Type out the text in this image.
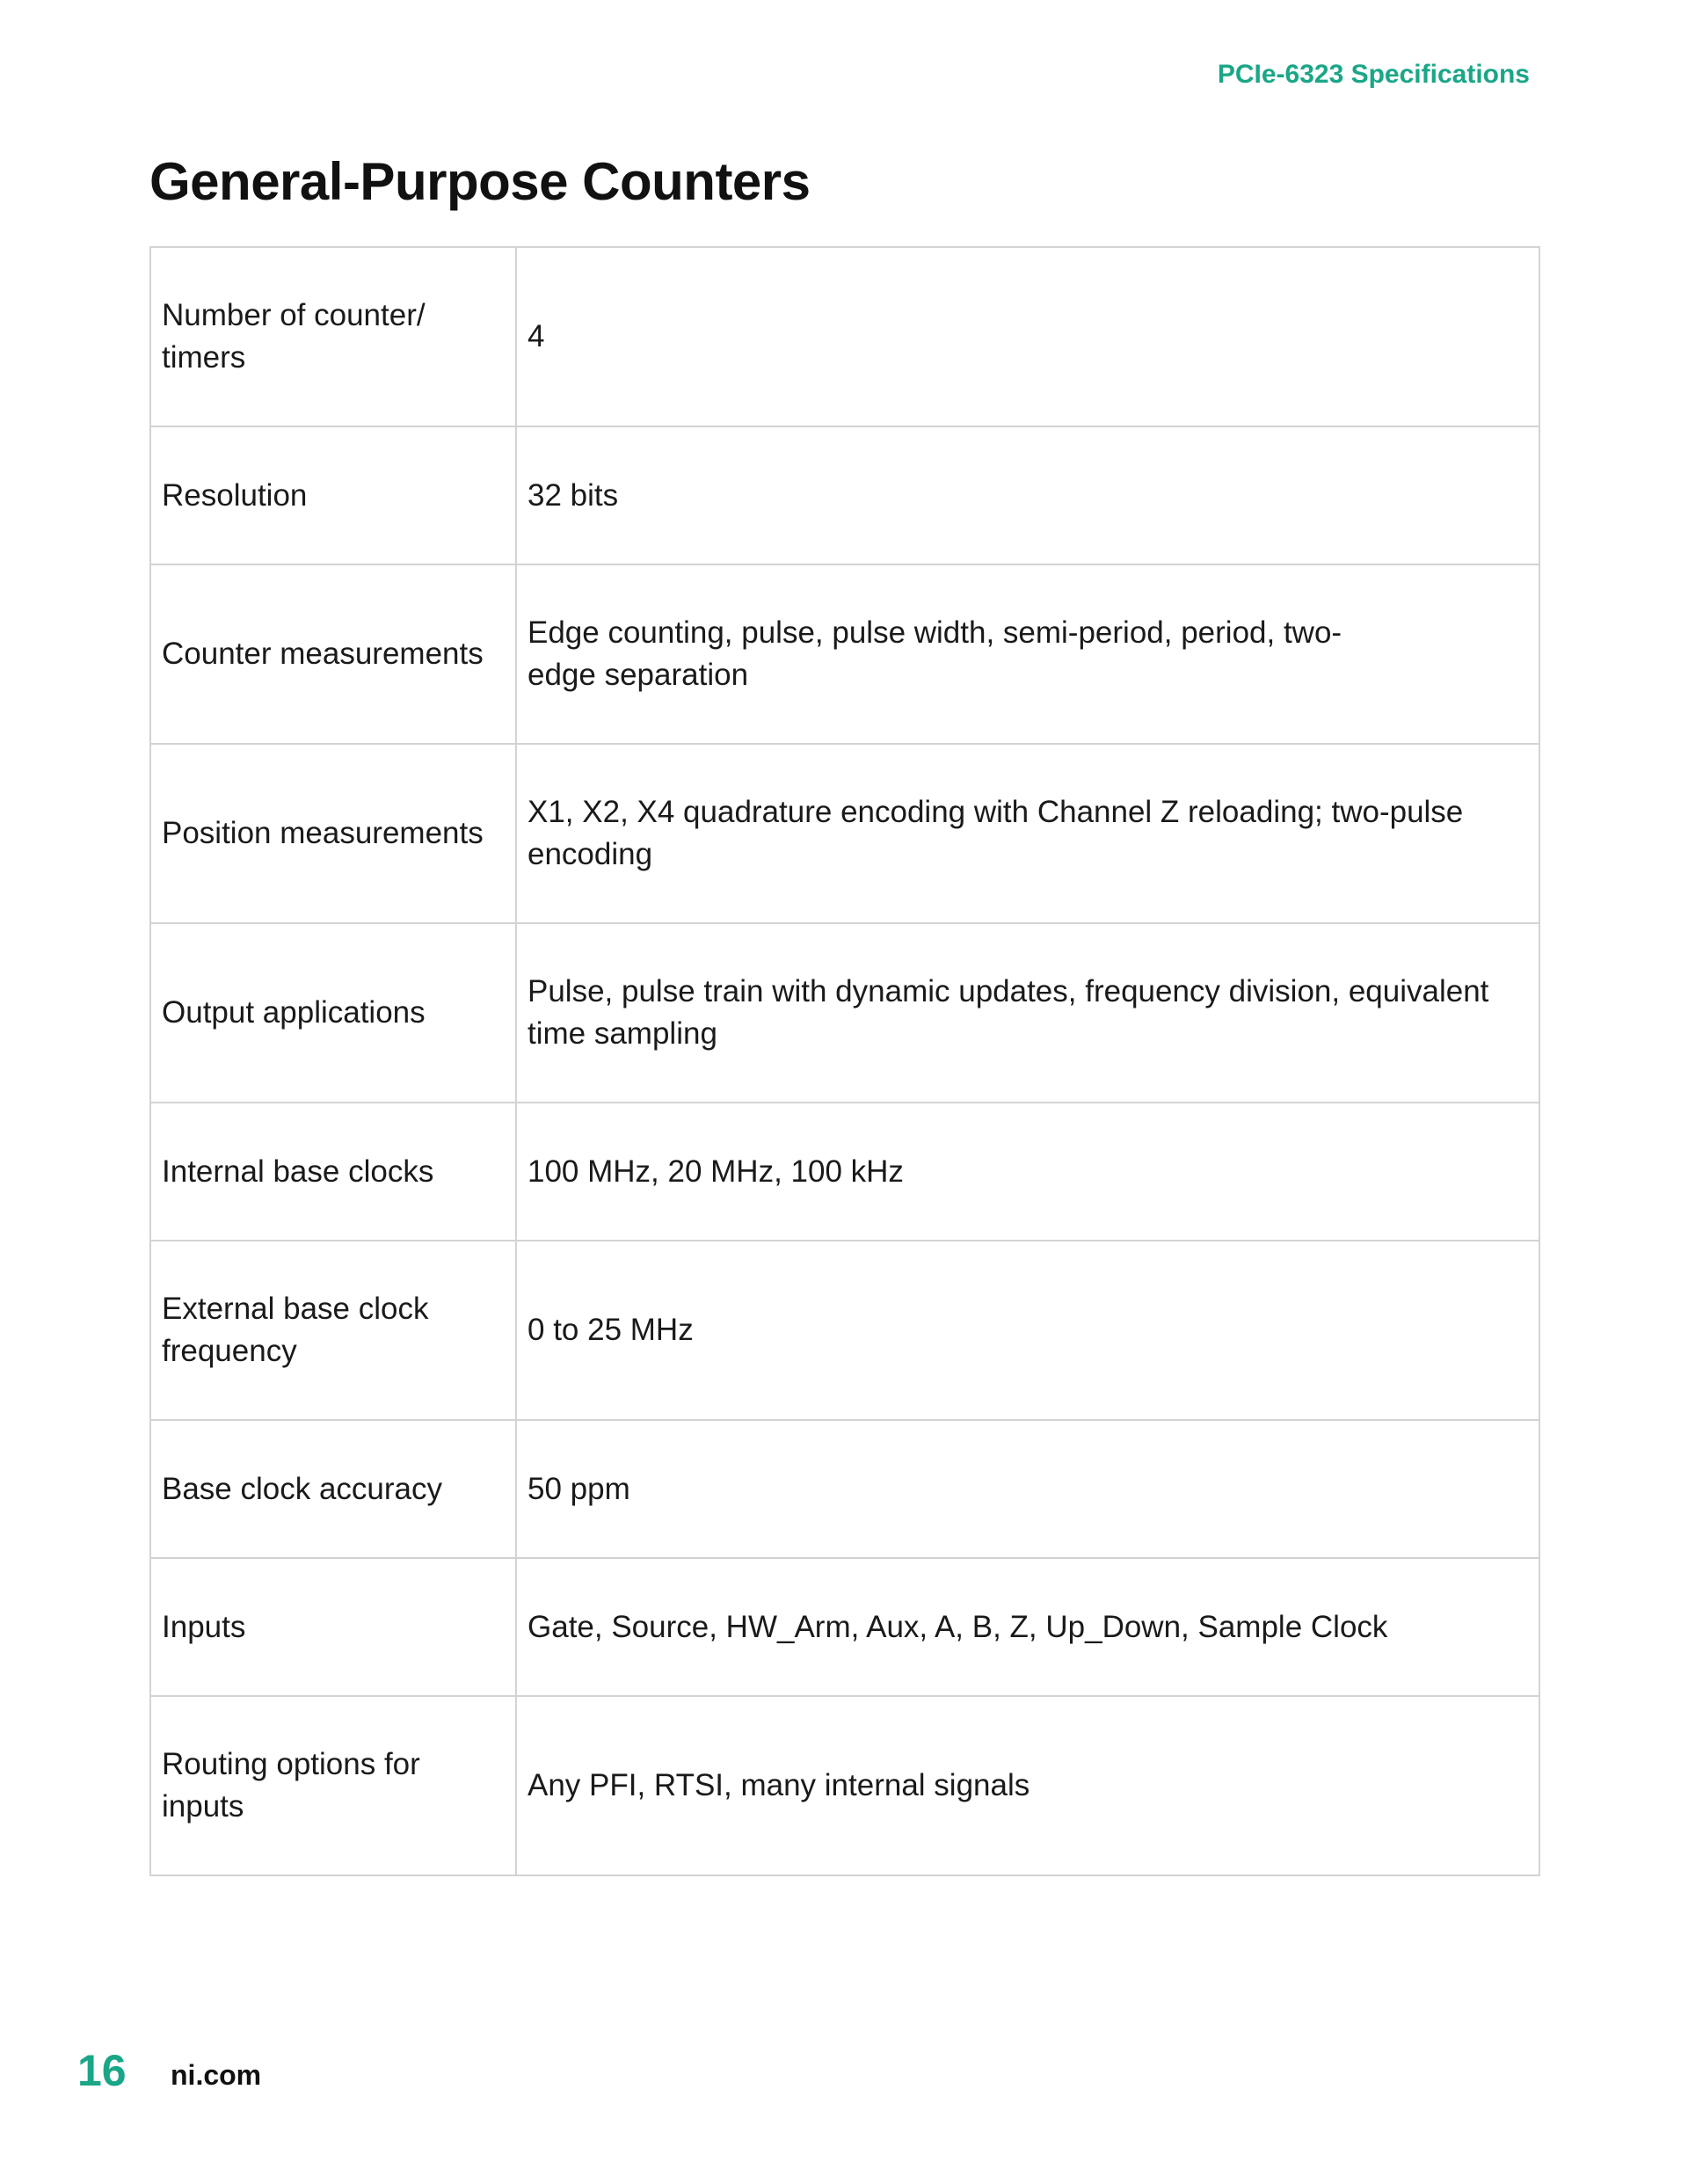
PCIe-6323 Specifications
General-Purpose Counters
Number of counter/ timers	4
Resolution	32 bits
Counter measurements	Edge counting, pulse, pulse width, semi-period, period, two-edge separation
Position measurements	X1, X2, X4 quadrature encoding with Channel Z reloading; two-pulse encoding
Output applications	Pulse, pulse train with dynamic updates, frequency division, equivalent time sampling
Internal base clocks	100 MHz, 20 MHz, 100 kHz
External base clock frequency	0 to 25 MHz
Base clock accuracy	50 ppm
Inputs	Gate, Source, HW_Arm, Aux, A, B, Z, Up_Down, Sample Clock
Routing options for inputs	Any PFI, RTSI, many internal signals
16 ni.com
